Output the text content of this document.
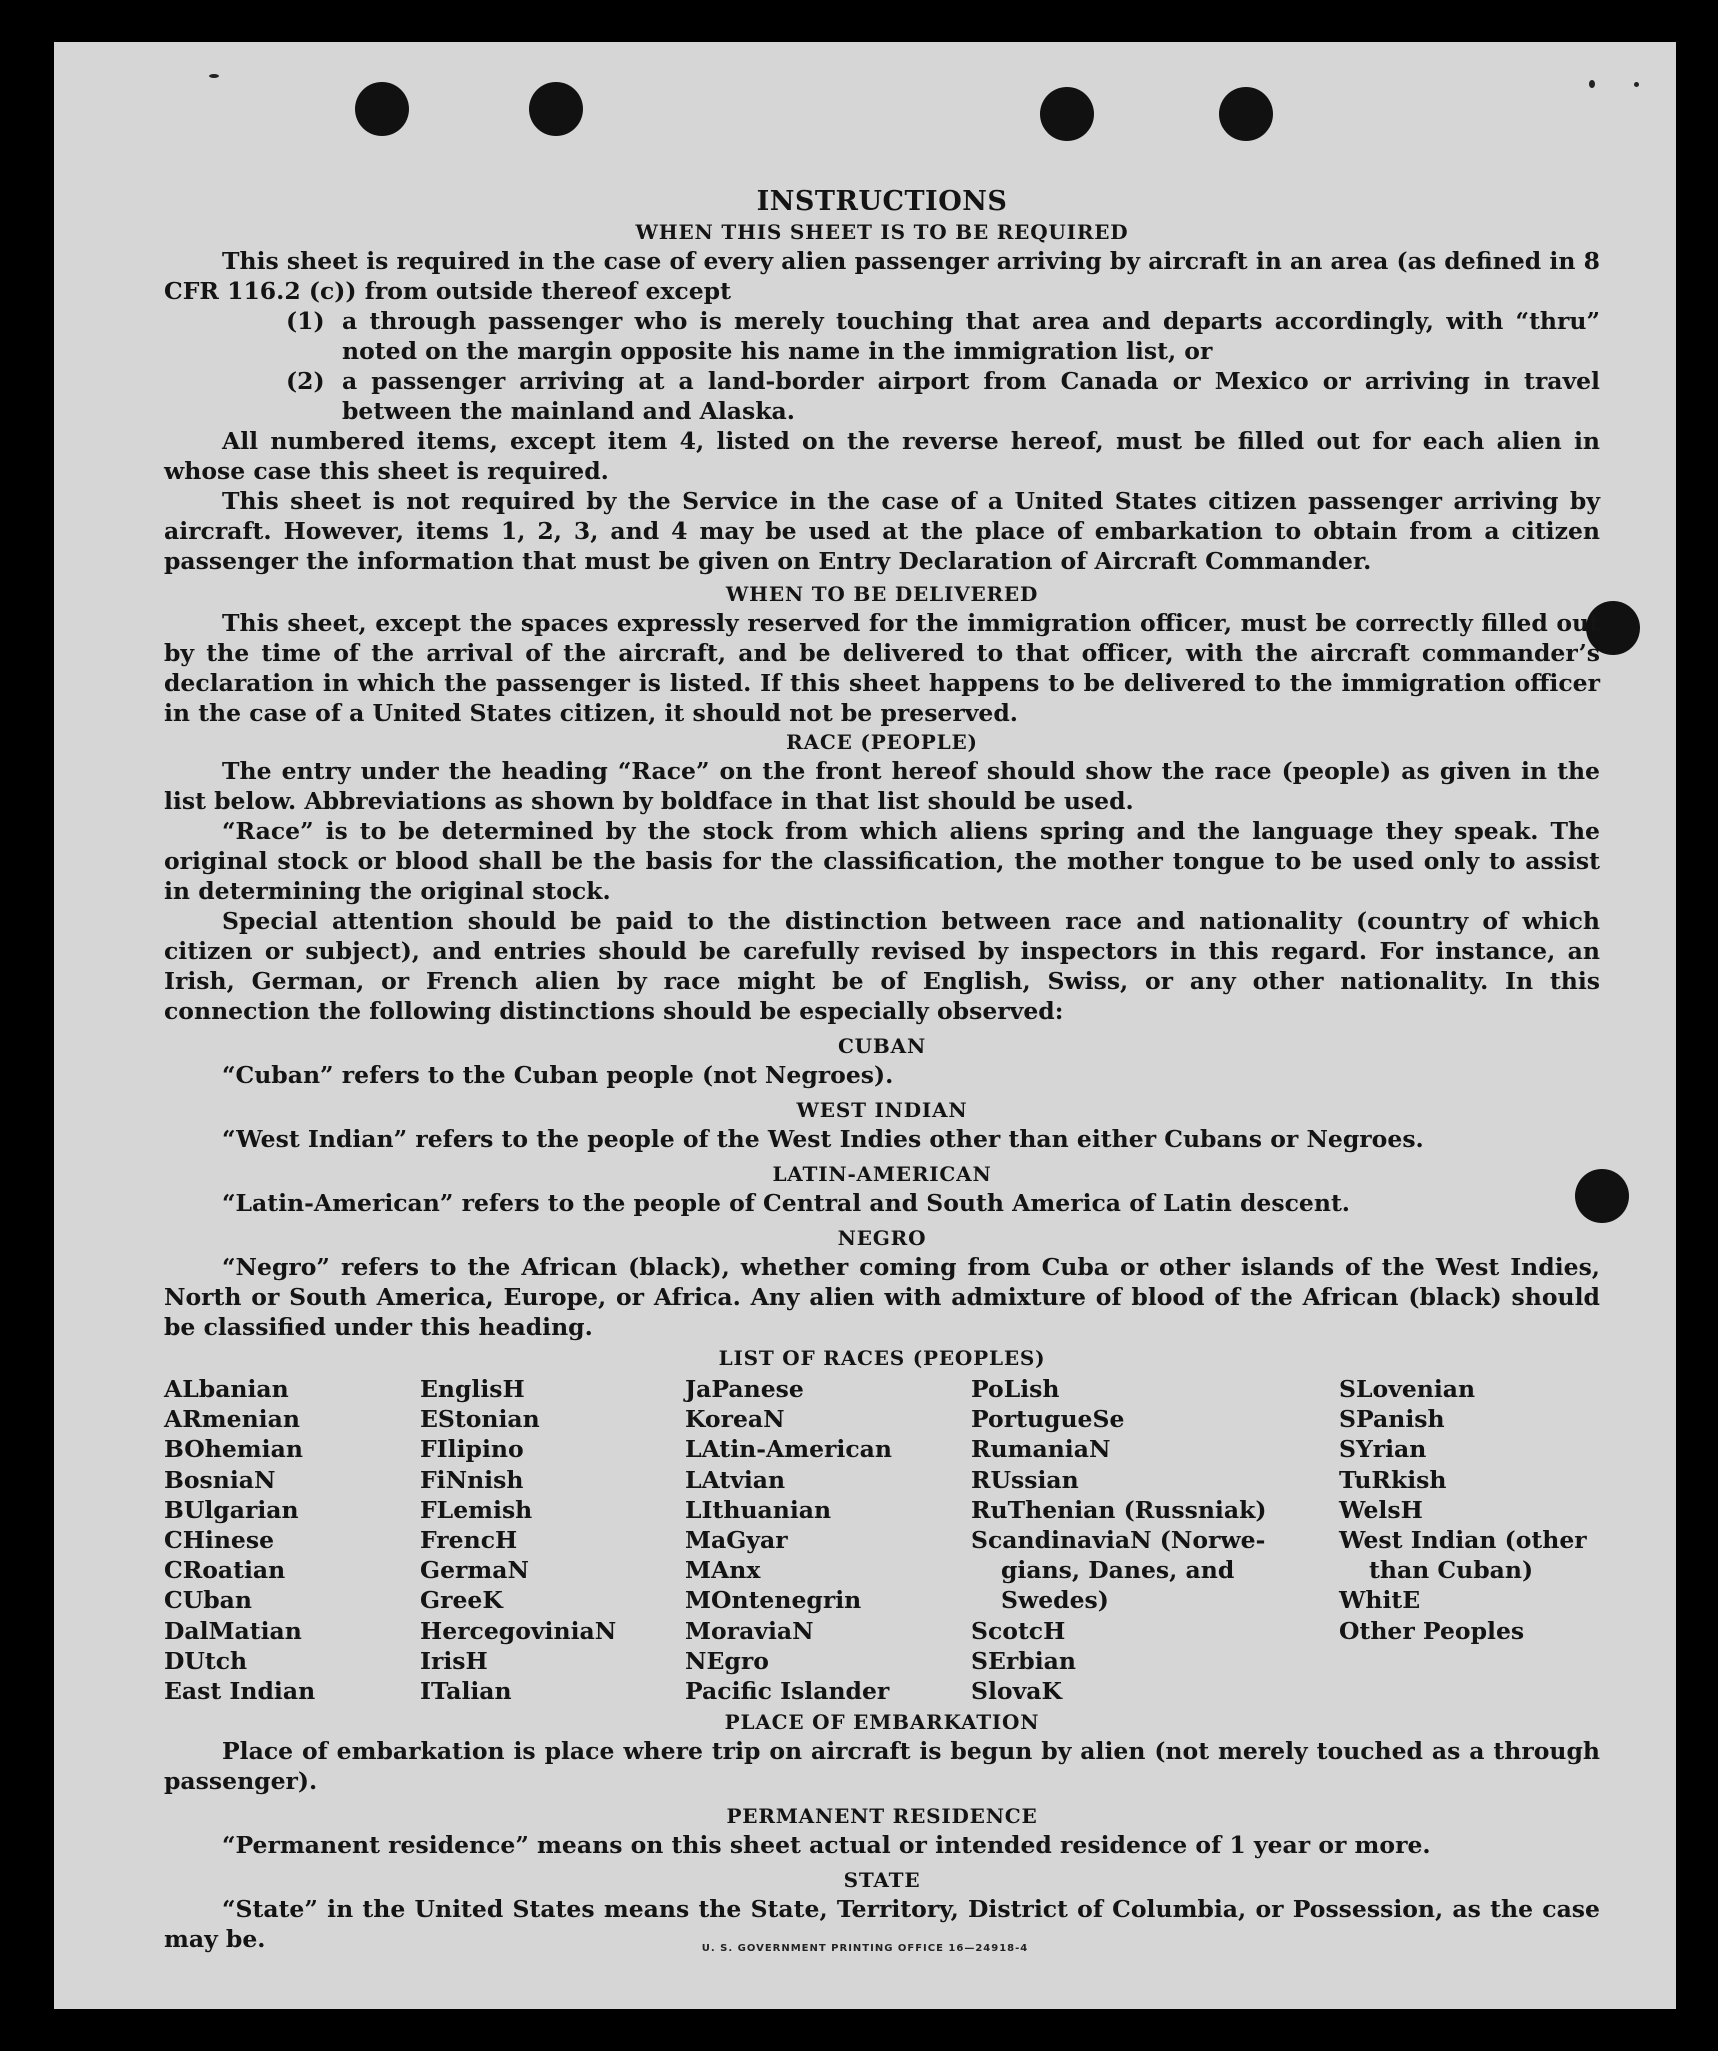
INSTRUCTIONS
WHEN THIS SHEET IS TO BE REQUIRED

This sheet is required in the case of every alien passenger arriving by aircraft in an area (as defined in 8 CFR 116.2 (c)) from outside thereof except

(1) a through passenger who is merely touching that area and departs accordingly, with “thru” noted on the margin opposite his name in the immigration list, or
(2) a passenger arriving at a land-border airport from Canada or Mexico or arriving in travel between the mainland and Alaska.

All numbered items, except item 4, listed on the reverse hereof, must be filled out for each alien in whose case this sheet is required.

This sheet is not required by the Service in the case of a United States citizen passenger arriving by aircraft. However, items 1, 2, 3, and 4 may be used at the place of embarkation to obtain from a citizen passenger the information that must be given on Entry Declaration of Aircraft Commander.

WHEN TO BE DELIVERED

This sheet, except the spaces expressly reserved for the immigration officer, must be correctly filled out by the time of the arrival of the aircraft, and be delivered to that officer, with the aircraft commander’s declaration in which the passenger is listed. If this sheet happens to be delivered to the immigration officer in the case of a United States citizen, it should not be preserved.

RACE (PEOPLE)

The entry under the heading “Race” on the front hereof should show the race (people) as given in the list below. Abbreviations as shown by boldface in that list should be used.

“Race” is to be determined by the stock from which aliens spring and the language they speak. The original stock or blood shall be the basis for the classification, the mother tongue to be used only to assist in determining the original stock.

Special attention should be paid to the distinction between race and nationality (country of which citizen or subject), and entries should be carefully revised by inspectors in this regard. For instance, an Irish, German, or French alien by race might be of English, Swiss, or any other nationality. In this connection the following distinctions should be especially observed:

CUBAN

“Cuban” refers to the Cuban people (not Negroes).

WEST INDIAN

“West Indian” refers to the people of the West Indies other than either Cubans or Negroes.

LATIN-AMERICAN

“Latin-American” refers to the people of Central and South America of Latin descent.

NEGRO

“Negro” refers to the African (black), whether coming from Cuba or other islands of the West Indies, North or South America, Europe, or Africa. Any alien with admixture of blood of the African (black) should be classified under this heading.

LIST OF RACES (PEOPLES)
ALbanian
ARmenian
BOhemian
BosniaN
BUlgarian
CHinese
CRoatian
CUban
DalMatian
DUtch
East Indian
EnglisH
EStonian
FIlipino
FiNnish
FLemish
FrencH
GermaN
GreeK
HercegoviniaN
IrisH
ITalian
JaPanese
KoreaN
LAtin-American
LAtvian
LIthuanian
MaGyar
MAnx
MOntenegrin
MoraviaN
NEgro
Pacific Islander
PoLish
PortugueSe
RumaniaN
RUssian
RuThenian (Russniak)
ScandinaviaN (Norwe-
gians, Danes, and
Swedes)
ScotcH
SErbian
SlovaK
SLovenian
SPanish
SYrian
TuRkish
WelsH
West Indian (other
than Cuban)
WhitE
Other Peoples
PLACE OF EMBARKATION

Place of embarkation is place where trip on aircraft is begun by alien (not merely touched as a through passenger).

PERMANENT RESIDENCE

“Permanent residence” means on this sheet actual or intended residence of 1 year or more.

STATE

“State” in the United States means the State, Territory, District of Columbia, or Possession, as the case may be.	U. S. GOVERNMENT PRINTING OFFICE 16—24918-4
